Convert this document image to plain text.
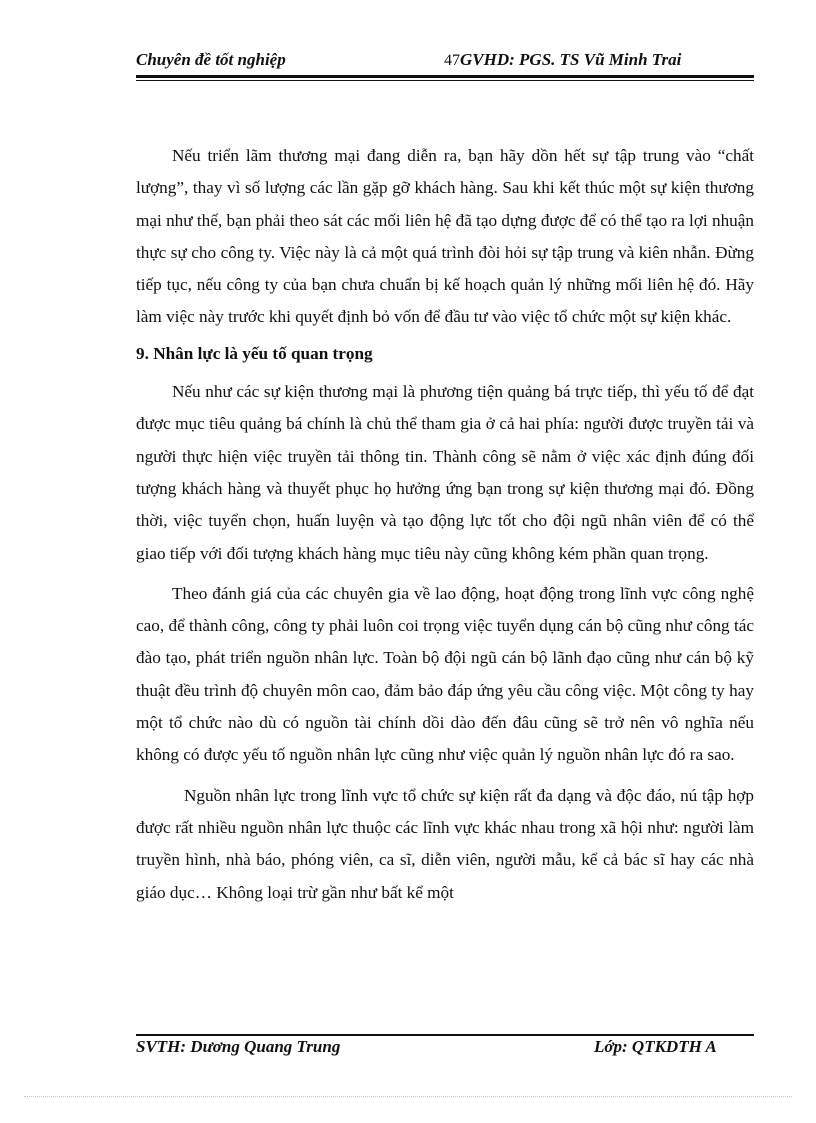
Chuyên đề tốt nghiệp	47GVHD: PGS. TS Vũ Minh Trai

Nếu triển lãm thương mại đang diễn ra, bạn hãy dồn hết sự tập trung vào “chất lượng”, thay vì số lượng các lần gặp gỡ khách hàng. Sau khi kết thúc một sự kiện thương mại như thế, bạn phải theo sát các mối liên hệ đã tạo dựng được để có thể tạo ra lợi nhuận thực sự cho công ty. Việc này là cả một quá trình đòi hỏi sự tập trung và kiên nhẫn. Đừng tiếp tục, nếu công ty của bạn chưa chuẩn bị kế hoạch quản lý những mối liên hệ đó. Hãy làm việc này trước khi quyết định bỏ vốn để đầu tư vào việc tổ chức một sự kiện khác.

9. Nhân lực là yếu tố quan trọng

Nếu như các sự kiện thương mại là phương tiện quảng bá trực tiếp, thì yếu tố để đạt được mục tiêu quảng bá chính là chủ thể tham gia ở cả hai phía: người được truyền tải và người thực hiện việc truyền tải thông tin. Thành công sẽ nằm ở việc xác định đúng đối tượng khách hàng và thuyết phục họ hưởng ứng bạn trong sự kiện thương mại đó. Đồng thời, việc tuyển chọn, huấn luyện và tạo động lực tốt cho đội ngũ nhân viên để có thể giao tiếp với đối tượng khách hàng mục tiêu này cũng không kém phần quan trọng.

Theo đánh giá của các chuyên gia về lao động, hoạt động trong lĩnh vực công nghệ cao, để thành công, công ty phải luôn coi trọng việc tuyển dụng cán bộ cũng như công tác đào tạo, phát triển nguồn nhân lực. Toàn bộ đội ngũ cán bộ lãnh đạo cũng như cán bộ kỹ thuật đều trình độ chuyên môn cao, đảm bảo đáp ứng yêu cầu công việc. Một công ty hay một tổ chức nào dù có nguồn tài chính dồi dào đến đâu cũng sẽ trở nên vô nghĩa nếu không có được yếu tố nguồn nhân lực cũng như việc quản lý nguồn nhân lực đó ra sao.

Nguồn nhân lực trong lĩnh vực tổ chức sự kiện rất đa dạng và độc đáo, nú tập hợp được rất nhiều nguồn nhân lực thuộc các lĩnh vực khác nhau trong xã hội như: người làm truyền hình, nhà báo, phóng viên, ca sĩ, diễn viên, người mẫu, kể cả bác sĩ hay các nhà giáo dục… Không loại trừ gần như bất kể một

SVTH: Dương Quang Trung	Lớp: QTKDTH A
